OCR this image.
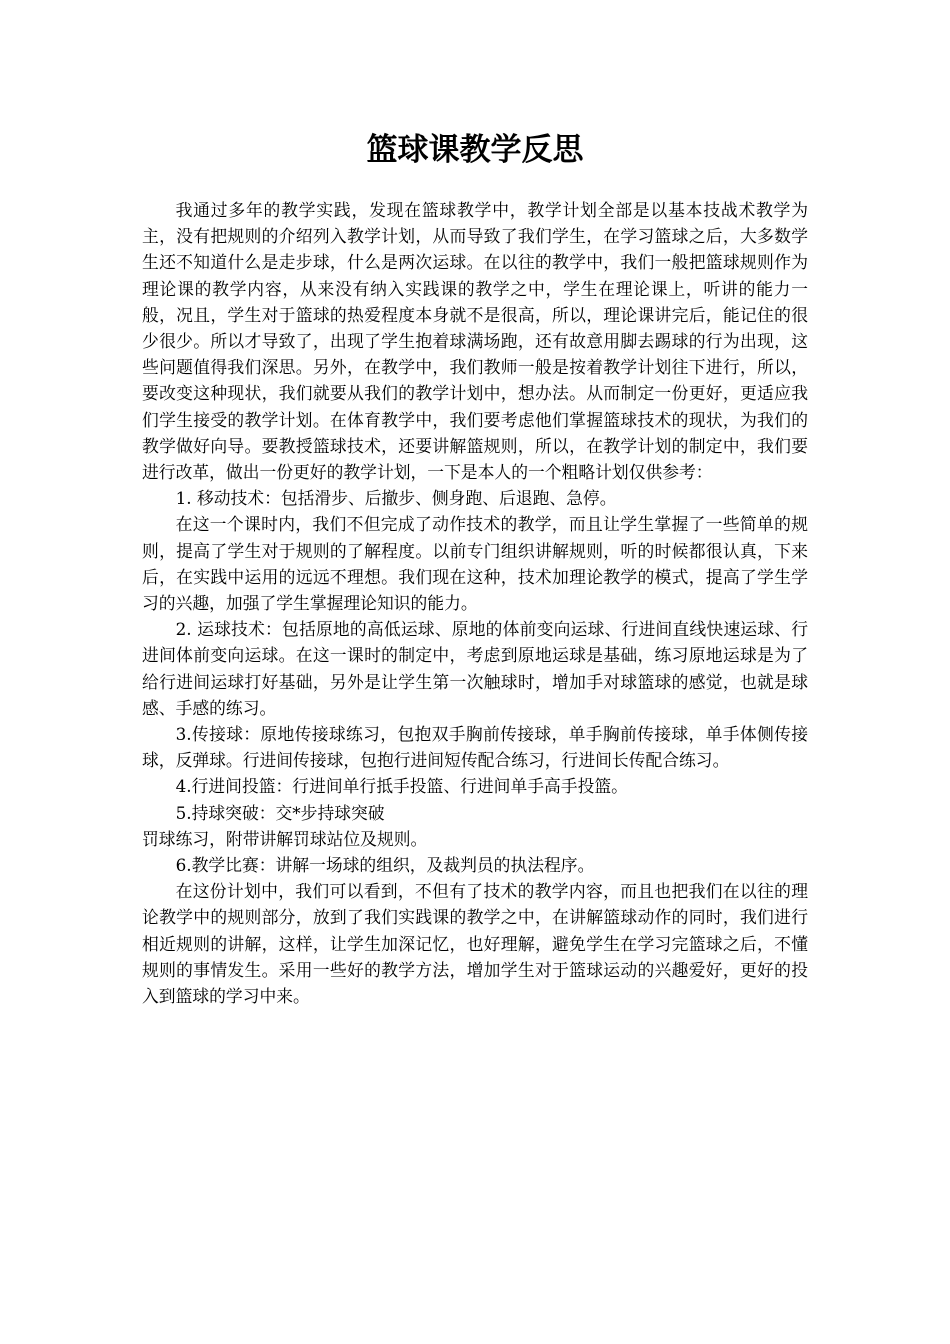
篮球课教学反思

我通过多年的教学实践，发现在篮球教学中，教学计划全部是以基本技战术教学为主，没有把规则的介绍列入教学计划，从而导致了我们学生，在学习篮球之后，大多数学生还不知道什么是走步球，什么是两次运球。在以往的教学中，我们一般把篮球规则作为理论课的教学内容，从来没有纳入实践课的教学之中，学生在理论课上，听讲的能力一般，况且，学生对于篮球的热爱程度本身就不是很高，所以，理论课讲完后，能记住的很少很少。所以才导致了，出现了学生抱着球满场跑，还有故意用脚去踢球的行为出现，这些问题值得我们深思。另外，在教学中，我们教师一般是按着教学计划往下进行，所以，要改变这种现状，我们就要从我们的教学计划中，想办法。从而制定一份更好，更适应我们学生接受的教学计划。在体育教学中，我们要考虑他们掌握篮球技术的现状，为我们的教学做好向导。要教授篮球技术，还要讲解篮规则，所以，在教学计划的制定中，我们要进行改革，做出一份更好的教学计划，一下是本人的一个粗略计划仅供参考：

1. 移动技术：包括滑步、后撤步、侧身跑、后退跑、急停。

在这一个课时内，我们不但完成了动作技术的教学，而且让学生掌握了一些简单的规则，提高了学生对于规则的了解程度。以前专门组织讲解规则，听的时候都很认真，下来后，在实践中运用的远远不理想。我们现在这种，技术加理论教学的模式，提高了学生学习的兴趣，加强了学生掌握理论知识的能力。

2. 运球技术：包括原地的高低运球、原地的体前变向运球、行进间直线快速运球、行进间体前变向运球。在这一课时的制定中，考虑到原地运球是基础，练习原地运球是为了给行进间运球打好基础，另外是让学生第一次触球时，增加手对球篮球的感觉，也就是球感、手感的练习。

3.传接球：原地传接球练习，包抱双手胸前传接球，单手胸前传接球，单手体侧传接球，反弹球。行进间传接球，包抱行进间短传配合练习，行进间长传配合练习。

4.行进间投篮：行进间单行抵手投篮、行进间单手高手投篮。

5.持球突破：交*步持球突破

罚球练习，附带讲解罚球站位及规则。

6.教学比赛：讲解一场球的组织，及裁判员的执法程序。

在这份计划中，我们可以看到，不但有了技术的教学内容，而且也把我们在以往的理论教学中的规则部分，放到了我们实践课的教学之中，在讲解篮球动作的同时，我们进行相近规则的讲解，这样，让学生加深记忆，也好理解，避免学生在学习完篮球之后，不懂规则的事情发生。采用一些好的教学方法，增加学生对于篮球运动的兴趣爱好，更好的投入到篮球的学习中来。
